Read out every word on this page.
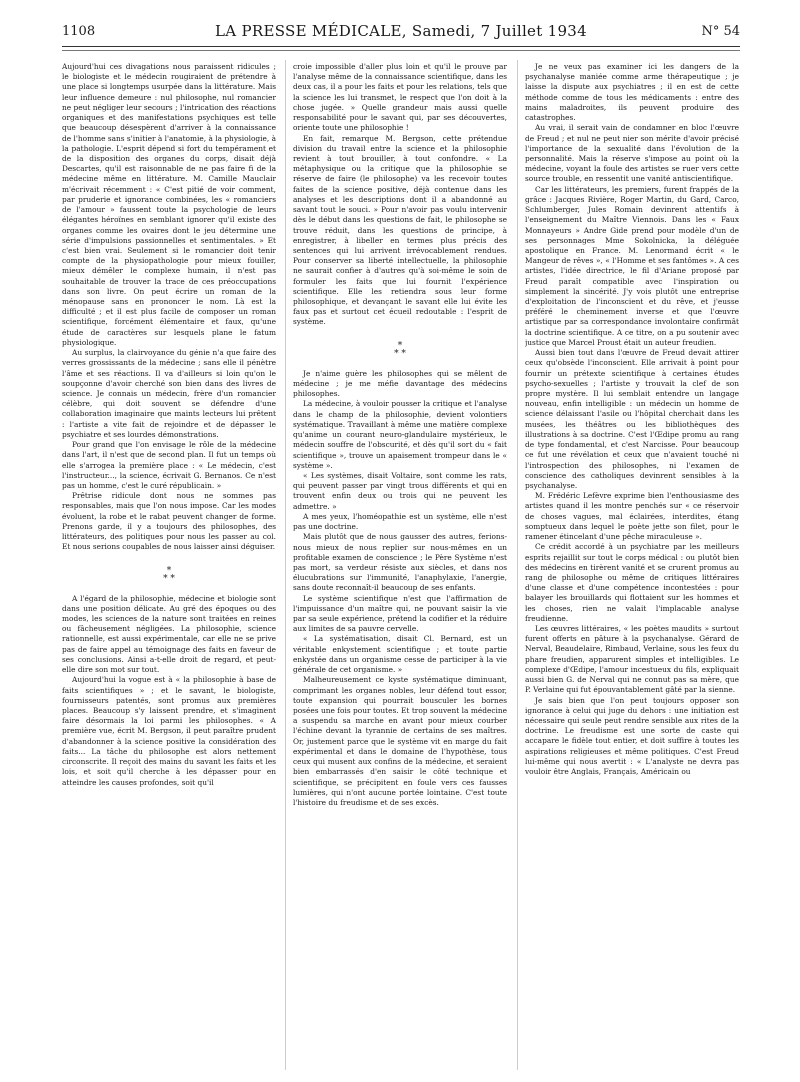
1108	LA PRESSE MÉDICALE, Samedi, 7 Juillet 1934	N° 54

Aujourd'hui ces divagations nous paraissent ridicules ; le biologiste et le médecin rougiraient de prétendre à une place si longtemps usurpée dans la littérature. Mais leur influence demeure : nul philosophe, nul romancier ne peut négliger leur secours ; l'intrication des réactions organiques et des manifestations psychiques est telle que beaucoup désespèrent d'arriver à la connaissance de l'homme sans s'initier à l'anatomie, à la physiologie, à la pathologie. L'esprit dépend si fort du tempérament et de la disposition des organes du corps, disait déjà Descartes, qu'il est raisonnable de ne pas faire fi de la médecine même en littérature. M. Camille Mauclair m'écrivait récemment : « C'est pitié de voir comment, par pruderie et ignorance combinées, les « romanciers de l'amour » faussent toute la psychologie de leurs élégantes héroïnes en semblant ignorer qu'il existe des organes comme les ovaires dont le jeu détermine une série d'impulsions passionnelles et sentimentales. » Et c'est bien vrai. Seulement si le romancier doit tenir compte de la physiopathologie pour mieux fouiller, mieux démêler le complexe humain, il n'est pas souhaitable de trouver la trace de ces préoccupations dans son livre. On peut écrire un roman de la ménopause sans en prononcer le nom. Là est la difficulté ; et il est plus facile de composer un roman scientifique, forcément élémentaire et faux, qu'une étude de caractères sur lesquels plane le fatum physiologique.

Au surplus, la clairvoyance du génie n'a que faire des verres grossissants de la médecine ; sans elle il pénètre l'âme et ses réactions. Il va d'ailleurs si loin qu'on le soupçonne d'avoir cherché son bien dans des livres de science. Je connais un médecin, frère d'un romancier célèbre, qui doit souvent se défendre d'une collaboration imaginaire que maints lecteurs lui prêtent : l'artiste a vite fait de rejoindre et de dépasser le psychiatre et ses lourdes démonstrations.

Pour grand que l'on envisage le rôle de la médecine dans l'art, il n'est que de second plan. Il fut un temps où elle s'arrogea la première place : « Le médecin, c'est l'instructeur..., la science, écrivait G. Bernanos. Ce n'est pas un homme, c'est le curé républicain. »

Prêtrise ridicule dont nous ne sommes pas responsables, mais que l'on nous impose. Car les modes évoluent, la robe et le rabat peuvent changer de forme. Prenons garde, il y a toujours des philosophes, des littérateurs, des politiques pour nous les passer au col. Et nous serions coupables de nous laisser ainsi déguiser.

*
* *

A l'égard de la philosophie, médecine et biologie sont dans une position délicate. Au gré des époques ou des modes, les sciences de la nature sont traitées en reines ou fâcheusement négligées. La philosophie, science rationnelle, est aussi expérimentale, car elle ne se prive pas de faire appel au témoignage des faits en faveur de ses conclusions. Ainsi a-t-elle droit de regard, et peut-elle dire son mot sur tout.

Aujourd'hui la vogue est à « la philosophie à base de faits scientifiques » ; et le savant, le biologiste, fournisseurs patentés, sont promus aux premières places. Beaucoup s'y laissent prendre, et s'imaginent faire désormais la loi parmi les philosophes. « A première vue, écrit M. Bergson, il peut paraître prudent d'abandonner à la science positive la considération des faits... La tâche du philosophe est alors nettement circonscrite. Il reçoit des mains du savant les faits et les lois, et soit qu'il cherche à les dépasser pour en atteindre les causes profondes, soit qu'il

croie impossible d'aller plus loin et qu'il le prouve par l'analyse même de la connaissance scientifique, dans les deux cas, il a pour les faits et pour les relations, tels que la science les lui transmet, le respect que l'on doit à la chose jugée. » Quelle grandeur mais aussi quelle responsabilité pour le savant qui, par ses découvertes, oriente toute une philosophie !

En fait, remarque M. Bergson, cette prétendue division du travail entre la science et la philosophie revient à tout brouiller, à tout confondre. « La métaphysique ou la critique que la philosophie se réserve de faire (le philosophe) va les recevoir toutes faites de la science positive, déjà contenue dans les analyses et les descriptions dont il a abandonné au savant tout le souci. » Pour n'avoir pas voulu intervenir dès le début dans les questions de fait, le philosophe se trouve réduit, dans les questions de principe, à enregistrer, à libeller en termes plus précis des sentences qui lui arrivent irrévocablement rendues. Pour conserver sa liberté intellectuelle, la philosophie ne saurait confier à d'autres qu'à soi-même le soin de formuler les faits que lui fournit l'expérience scientifique. Elle les retiendra sous leur forme philosophique, et devançant le savant elle lui évite les faux pas et surtout cet écueil redoutable : l'esprit de système.

*
* *

Je n'aime guère les philosophes qui se mêlent de médecine ; je me méfie davantage des médecins philosophes.

La médecine, à vouloir pousser la critique et l'analyse dans le champ de la philosophie, devient volontiers systématique. Travaillant à même une matière complexe qu'anime un courant neuro-glandulaire mystérieux, le médecin souffre de l'obscurité, et dès qu'il sort du « fait scientifique », trouve un apaisement trompeur dans le « système ».

« Les systèmes, disait Voltaire, sont comme les rats, qui peuvent passer par vingt trous différents et qui en trouvent enfin deux ou trois qui ne peuvent les admettre. »

A mes yeux, l'homéopathie est un système, elle n'est pas une doctrine.

Mais plutôt que de nous gausser des autres, ferions-nous mieux de nous replier sur nous-mêmes en un profitable examen de conscience ; le Père Système n'est pas mort, sa verdeur résiste aux siècles, et dans nos élucubrations sur l'immunité, l'anaphylaxie, l'anergie, sans doute reconnaît-il beaucoup de ses enfants.

Le système scientifique n'est que l'affirmation de l'impuissance d'un maître qui, ne pouvant saisir la vie par sa seule expérience, prétend la codifier et la réduire aux limites de sa pauvre cervelle.

« La systématisation, disait Cl. Bernard, est un véritable enkystement scientifique ; et toute partie enkystée dans un organisme cesse de participer à la vie générale de cet organisme. »

Malheureusement ce kyste systématique diminuant, comprimant les organes nobles, leur défend tout essor, toute expansion qui pourrait bousculer les bornes posées une fois pour toutes. Et trop souvent la médecine a suspendu sa marche en avant pour mieux courber l'échine devant la tyrannie de certains de ses maîtres. Or, justement parce que le système vit en marge du fait expérimental et dans le domaine de l'hypothèse, tous ceux qui musent aux confins de la médecine, et seraient bien embarrassés d'en saisir le côté technique et scientifique, se précipitent en foule vers ces fausses lumières, qui n'ont aucune portée lointaine. C'est toute l'histoire du freudisme et de ses excès.

Je ne veux pas examiner ici les dangers de la psychanalyse maniée comme arme thérapeutique ; je laisse la dispute aux psychiatres ; il en est de cette méthode comme de tous les médicaments : entre des mains maladroites, ils peuvent produire des catastrophes.

Au vrai, il serait vain de condamner en bloc l'œuvre de Freud ; et nul ne peut nier son mérite d'avoir précisé l'importance de la sexualité dans l'évolution de la personnalité. Mais la réserve s'impose au point où la médecine, voyant la foule des artistes se ruer vers cette source trouble, en ressentit une vanité antiscientifique.

Car les littérateurs, les premiers, furent frappés de la grâce : Jacques Rivière, Roger Martin, du Gard, Carco, Schlumberger, Jules Romain devinrent attentifs à l'enseignement du Maître Viennois. Dans les « Faux Monnayeurs » Andre Gide prend pour modèle d'un de ses personnages Mme Sokolnicka, la déléguée apostolique en France. M. Lenormand écrit « le Mangeur de rêves », « l'Homme et ses fantômes ». A ces artistes, l'idée directrice, le fil d'Ariane proposé par Freud paraît compatible avec l'inspiration ou simplement la sincérité. J'y vois plutôt une entreprise d'exploitation de l'inconscient et du rêve, et j'eusse préféré le cheminement inverse et que l'œuvre artistique par sa correspondance involontaire confirmât la doctrine scientifique. A ce titre, on a pu soutenir avec justice que Marcel Proust était un auteur freudien.

Aussi bien tout dans l'œuvre de Freud devait attirer ceux qu'obsède l'inconscient. Elle arrivait à point pour fournir un prétexte scientifique à certaines études psycho-sexuelles ; l'artiste y trouvait la clef de son propre mystère. Il lui semblait entendre un langage nouveau, enfin intelligible : un médecin un homme de science délaissant l'asile ou l'hôpital cherchait dans les musées, les théâtres ou les bibliothèques des illustrations à sa doctrine. C'est l'Œdipe promu au rang de type fondamental, et c'est Narcisse. Pour beaucoup ce fut une révélation et ceux que n'avaient touché ni l'introspection des philosophes, ni l'examen de conscience des catholiques devinrent sensibles à la psychanalyse.

M. Frédéric Lefèvre exprime bien l'enthousiasme des artistes quand il les montre penchés sur « ce réservoir de choses vagues, mal éclairées, interdites, étang somptueux dans lequel le poète jette son filet, pour le ramener étincelant d'une pêche miraculeuse ».

Ce crédit accordé à un psychiatre par les meilleurs esprits rejaillit sur tout le corps médical : ou plutôt bien des médecins en tirèrent vanité et se crurent promus au rang de philosophe ou même de critiques littéraires d'une classe et d'une compétence incontestées : pour balayer les brouillards qui flottaient sur les hommes et les choses, rien ne valait l'implacable analyse freudienne.

Les œuvres littéraires, « les poètes maudits » surtout furent offerts en pâture à la psychanalyse. Gérard de Nerval, Beaudelaire, Rimbaud, Verlaine, sous les feux du phare freudien, apparurent simples et intelligibles. Le complexe d'Œdipe, l'amour incestueux du fils, expliquait aussi bien G. de Nerval qui ne connut pas sa mère, que P. Verlaine qui fut épouvantablement gâté par la sienne.

Je sais bien que l'on peut toujours opposer son ignorance à celui qui juge du dehors : une initiation est nécessaire qui seule peut rendre sensible aux rites de la doctrine. Le freudisme est une sorte de caste qui accapare le fidèle tout entier, et doit suffire à toutes les aspirations religieuses et même politiques. C'est Freud lui-même qui nous avertit : « L'analyste ne devra pas vouloir être Anglais, Français, Américain ou
